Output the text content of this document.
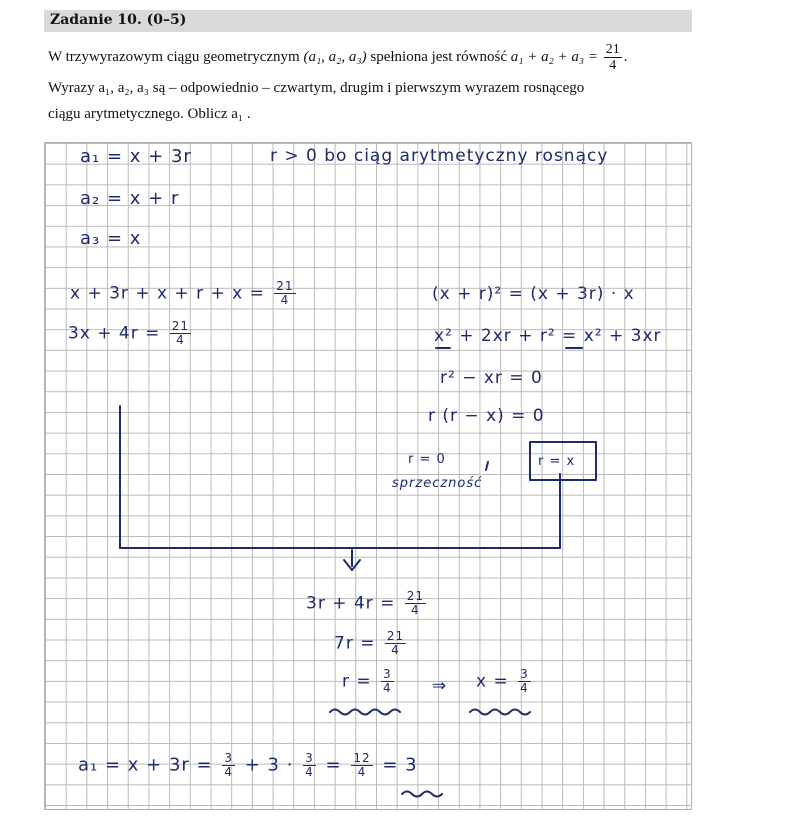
Zadanie 10. (0–5)
W trzywyrazowym ciągu geometrycznym (a₁, a₂, a₃) spełniona jest równość $a_1 + a_2 + a_3 = \frac{21}{4}$ .
Wyrazy a₁, a₂, a₃ są – odpowiednio – czwartym, drugim i pierwszym wyrazem rosnącego
ciągu arytmetycznego. Oblicz a₁ .
a₁ = x + 3r	r > 0 bo ciąg arytmetyczny rosnący
a₂ = x + r
a₃ = x
$x + 3r + x + r + x = \frac{21}{4}$
$3x + 4r = \frac{21}{4}$
(x + r)² = (x + 3r) · x
x² + 2xr + r² = x² + 3xr
r² − xr = 0
r (r − x) = 0
r = 0
sprzeczność
r = x
$3r + 4r = \frac{21}{4}$
$7r = \frac{21}{4}$
$r = \frac{3}{4}$ ⇒ $x = \frac{3}{4}$
$a_1 = x + 3r = \frac{3}{4} + 3 \cdot \frac{3}{4} = \frac{12}{4} = 3$
